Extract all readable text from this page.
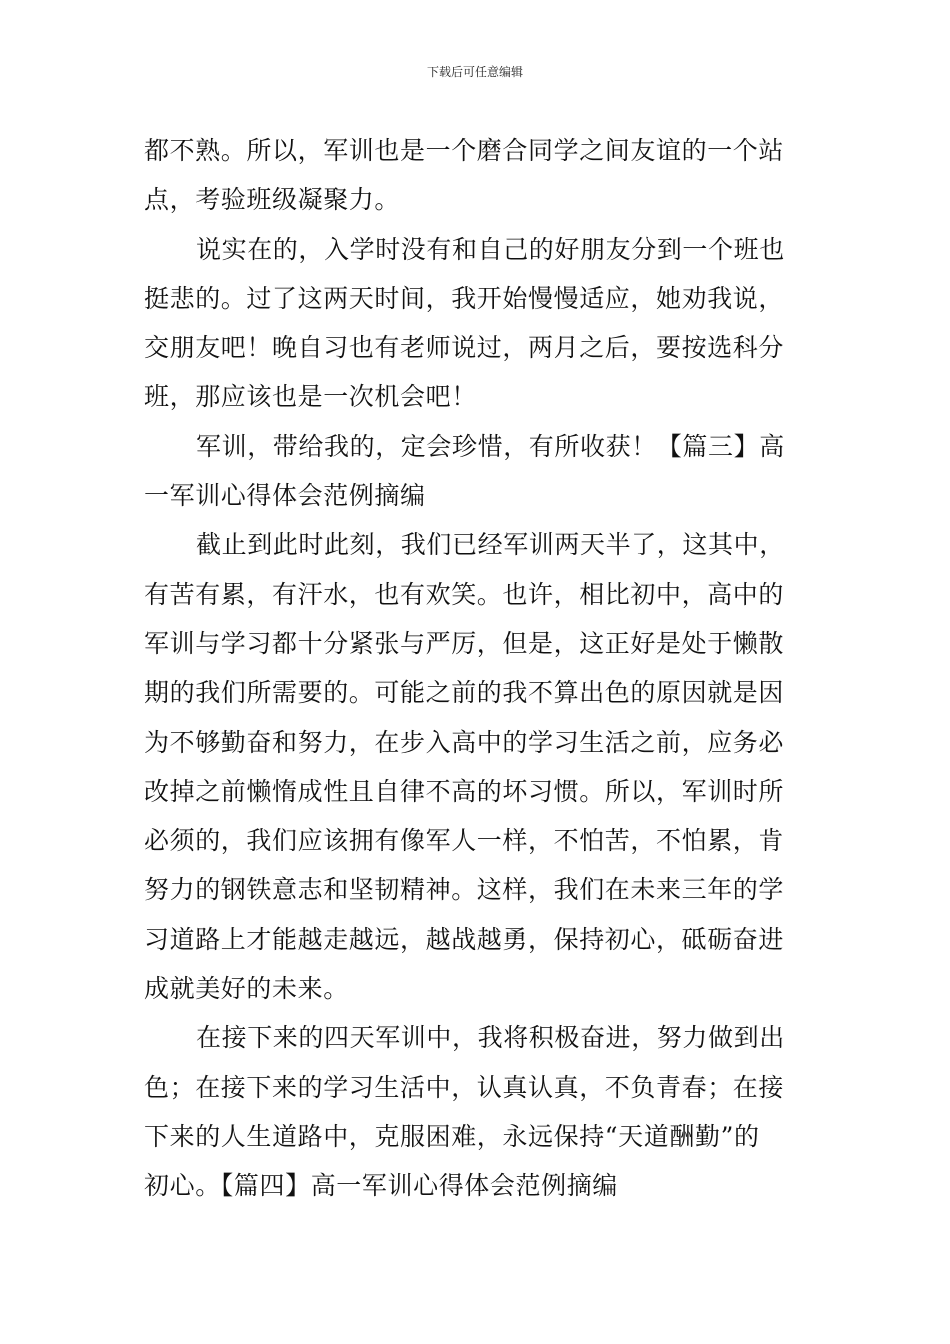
下载后可任意编辑
都不熟。所以，军训也是一个磨合同学之间友谊的一个站
点，考验班级凝聚力。
说实在的，入学时没有和自己的好朋友分到一个班也
挺悲的。过了这两天时间，我开始慢慢适应，她劝我说，
交朋友吧！晚自习也有老师说过，两月之后，要按选科分
班，那应该也是一次机会吧！
军训，带给我的，定会珍惜，有所收获！【篇三】高
一军训心得体会范例摘编
截止到此时此刻，我们已经军训两天半了，这其中，
有苦有累，有汗水，也有欢笑。也许，相比初中，高中的
军训与学习都十分紧张与严厉，但是，这正好是处于懒散
期的我们所需要的。可能之前的我不算出色的原因就是因
为不够勤奋和努力，在步入高中的学习生活之前，应务必
改掉之前懒惰成性且自律不高的坏习惯。所以，军训时所
必须的，我们应该拥有像军人一样，不怕苦，不怕累，肯
努力的钢铁意志和坚韧精神。这样，我们在未来三年的学
习道路上才能越走越远，越战越勇，保持初心，砥砺奋进
成就美好的未来。
在接下来的四天军训中，我将积极奋进，努力做到出
色；在接下来的学习生活中，认真认真，不负青春；在接
下来的人生道路中，克服困难，永远保持“天道酬勤”的
初心。【篇四】高一军训心得体会范例摘编
